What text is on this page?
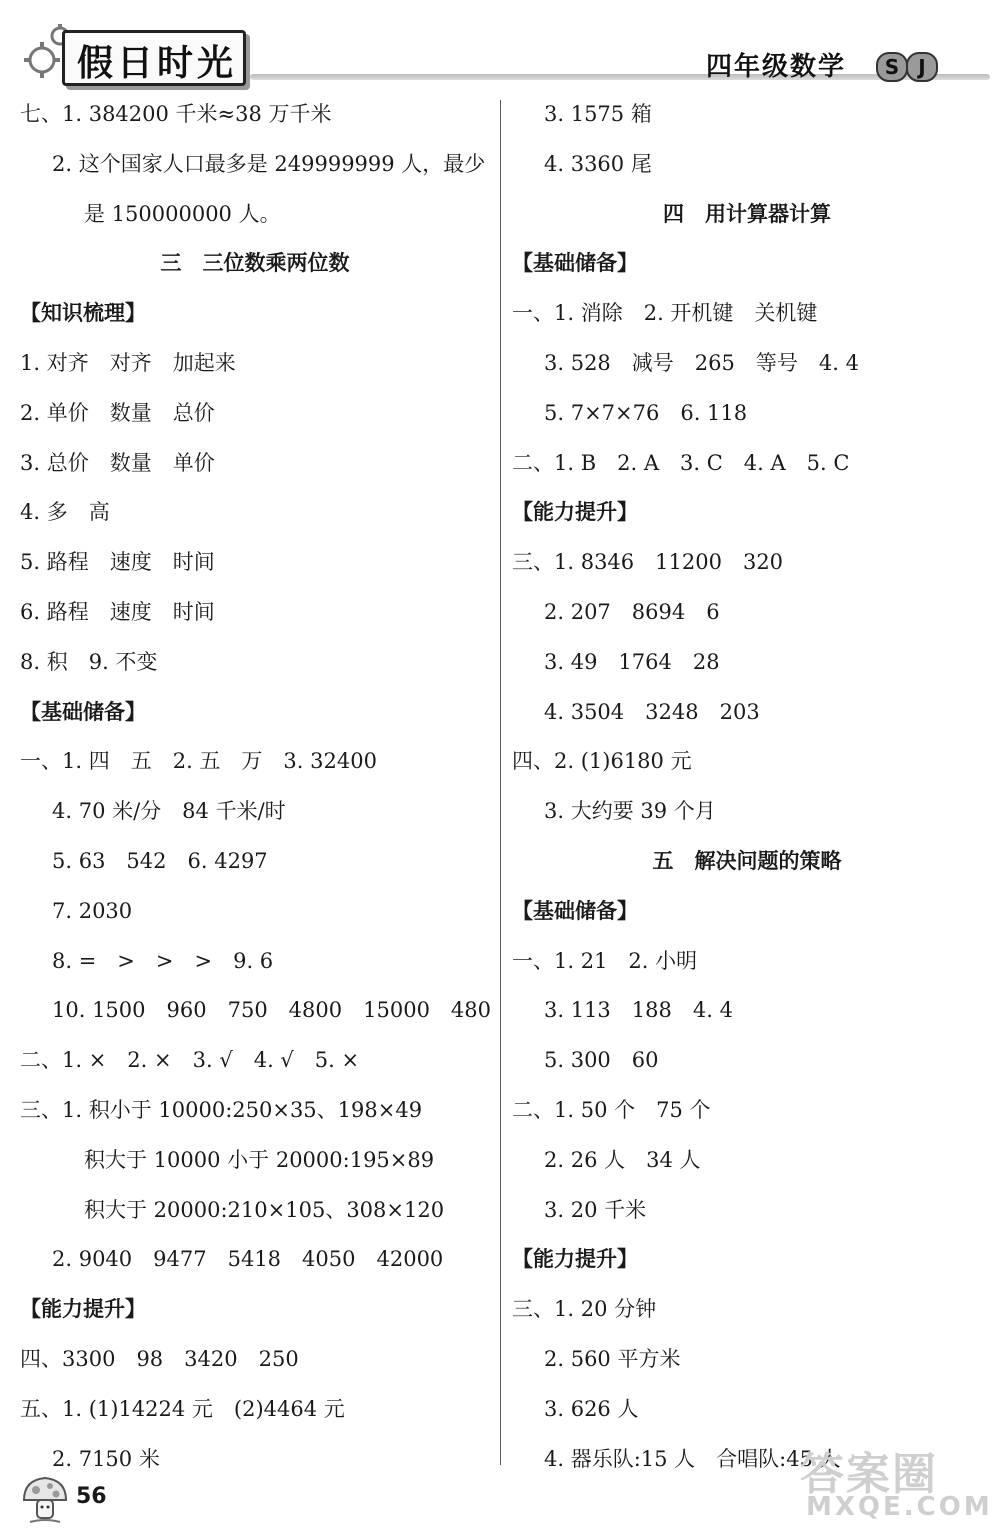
假日时光	四年级数学	S J
七、1. 384200 千米≈38 万千米
2. 这个国家人口最多是 249999999 人，最少
是 150000000 人。
三　三位数乘两位数
【知识梳理】
1. 对齐　对齐　加起来
2. 单价　数量　总价
3. 总价　数量　单价
4. 多　高
5. 路程　速度　时间
6. 路程　速度　时间
8. 积　9. 不变
【基础储备】
一、1. 四　五　2. 五　万　3. 32400
4. 70 米/分　84 千米/时
5. 63　542　6. 4297
7. 2030
8. =　>　>　>　9. 6
10. 1500　960　750　4800　15000　480
二、1. ×　2. ×　3. √　4. √　5. ×
三、1. 积小于 10000:250×35、198×49
积大于 10000 小于 20000:195×89
积大于 20000:210×105、308×120
2. 9040　9477　5418　4050　42000
【能力提升】
四、3300　98　3420　250
五、1. (1)14224 元　(2)4464 元
2. 7150 米
3. 1575 箱
4. 3360 尾
四　用计算器计算
【基础储备】
一、1. 消除　2. 开机键　关机键
3. 528　减号　265　等号　4. 4
5. 7×7×76　6. 118
二、1. B　2. A　3. C　4. A　5. C
【能力提升】
三、1. 8346　11200　320
2. 207　8694　6
3. 49　1764　28
4. 3504　3248　203
四、2. (1)6180 元
3. 大约要 39 个月
五　解决问题的策略
【基础储备】
一、1. 21　2. 小明
3. 113　188　4. 4
5. 300　60
二、1. 50 个　75 个
2. 26 人　34 人
3. 20 千米
【能力提升】
三、1. 20 分钟
2. 560 平方米
3. 626 人
4. 器乐队:15 人　合唱队:45 人
56	答案圈
MXQE.COM
